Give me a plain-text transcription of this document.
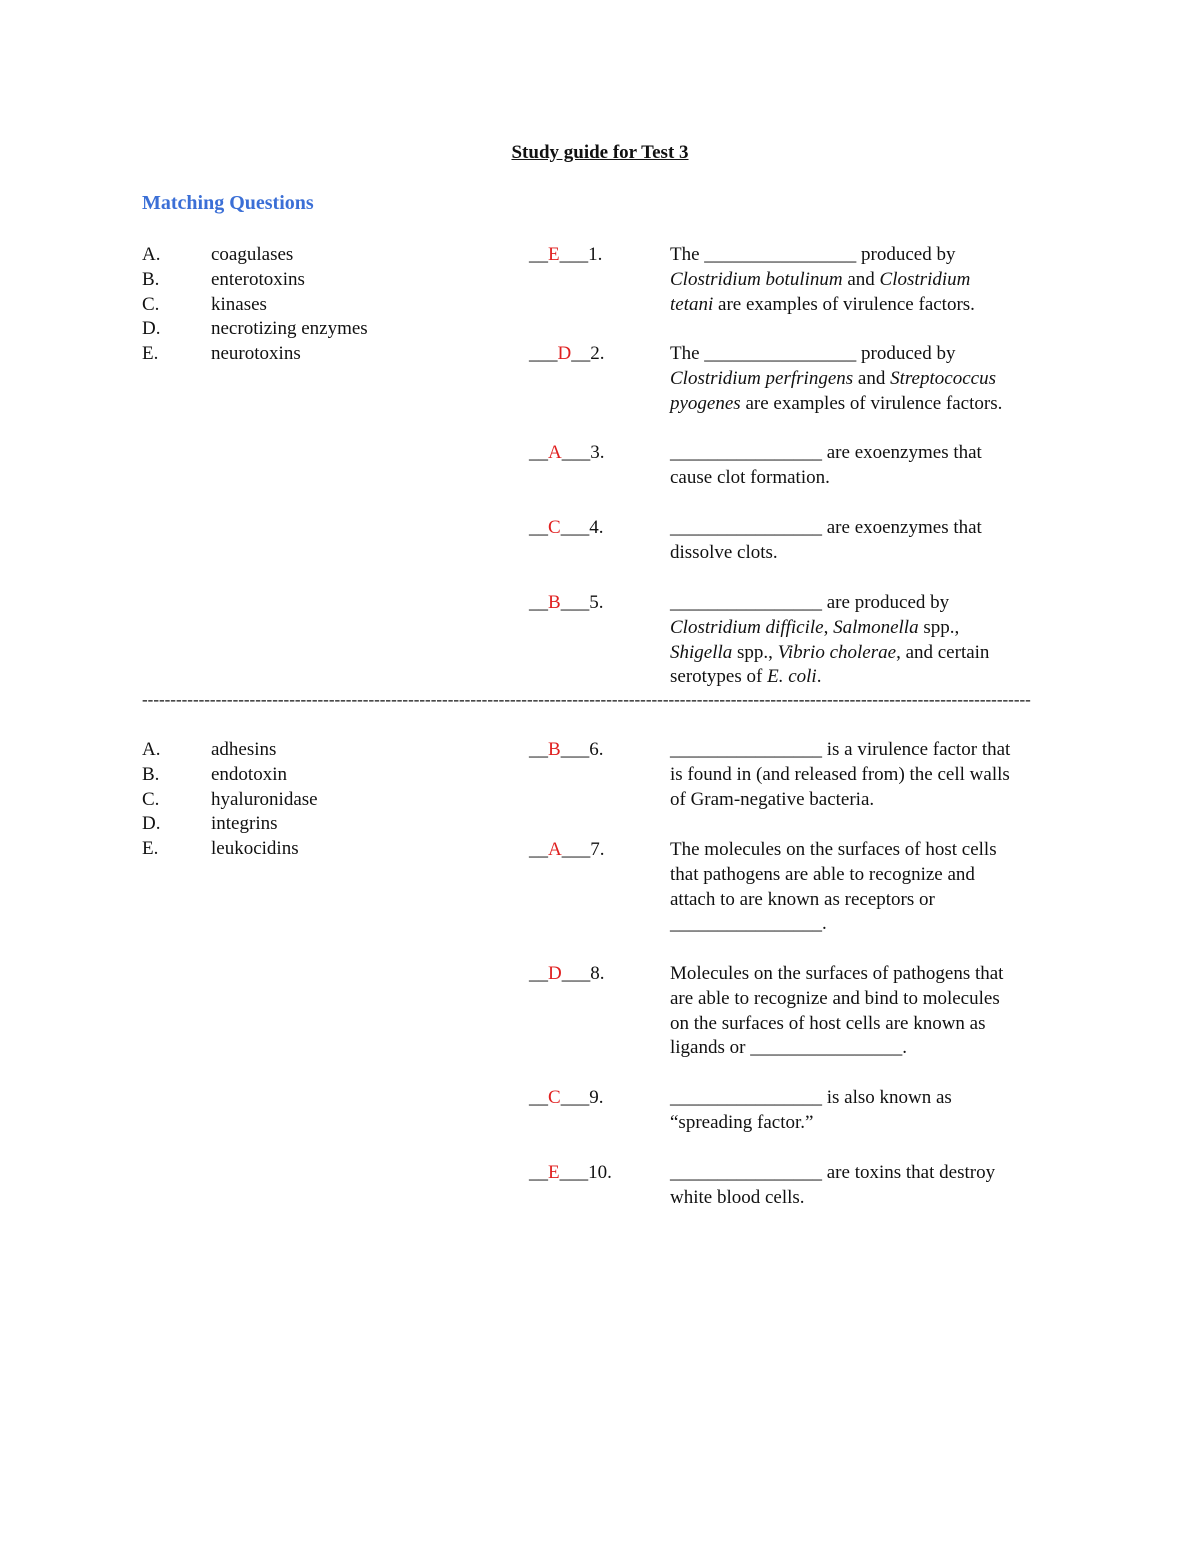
Study guide for Test 3
Matching Questions
A.	coagulases
B.	enterotoxins
C.	kinases
D.	necrotizing enzymes
E.	neurotoxins
__E___1.	The ________________ produced by
Clostridium botulinum and Clostridium
tetani are examples of virulence factors.
___D__2.	The ________________ produced by
Clostridium perfringens and Streptococcus
pyogenes are examples of virulence factors.
__A___3.	________________ are exoenzymes that
cause clot formation.
__C___4.	________________ are exoenzymes that
dissolve clots.
__B___5.	________________ are produced by
Clostridium difficile, Salmonella spp.,
Shigella spp., Vibrio cholerae, and certain
serotypes of E. coli.
A.	adhesins
B.	endotoxin
C.	hyaluronidase
D.	integrins
E.	leukocidins
__B___6.	________________ is a virulence factor that
is found in (and released from) the cell walls
of Gram-negative bacteria.
__A___7.	The molecules on the surfaces of host cells
that pathogens are able to recognize and
attach to are known as receptors or
________________.
__D___8.	Molecules on the surfaces of pathogens that
are able to recognize and bind to molecules
on the surfaces of host cells are known as
ligands or ________________.
__C___9.	________________ is also known as
“spreading factor.”
__E___10.	________________ are toxins that destroy
white blood cells.
-------------------------------------------------------------------------------------------------------------------------------------------------------------
